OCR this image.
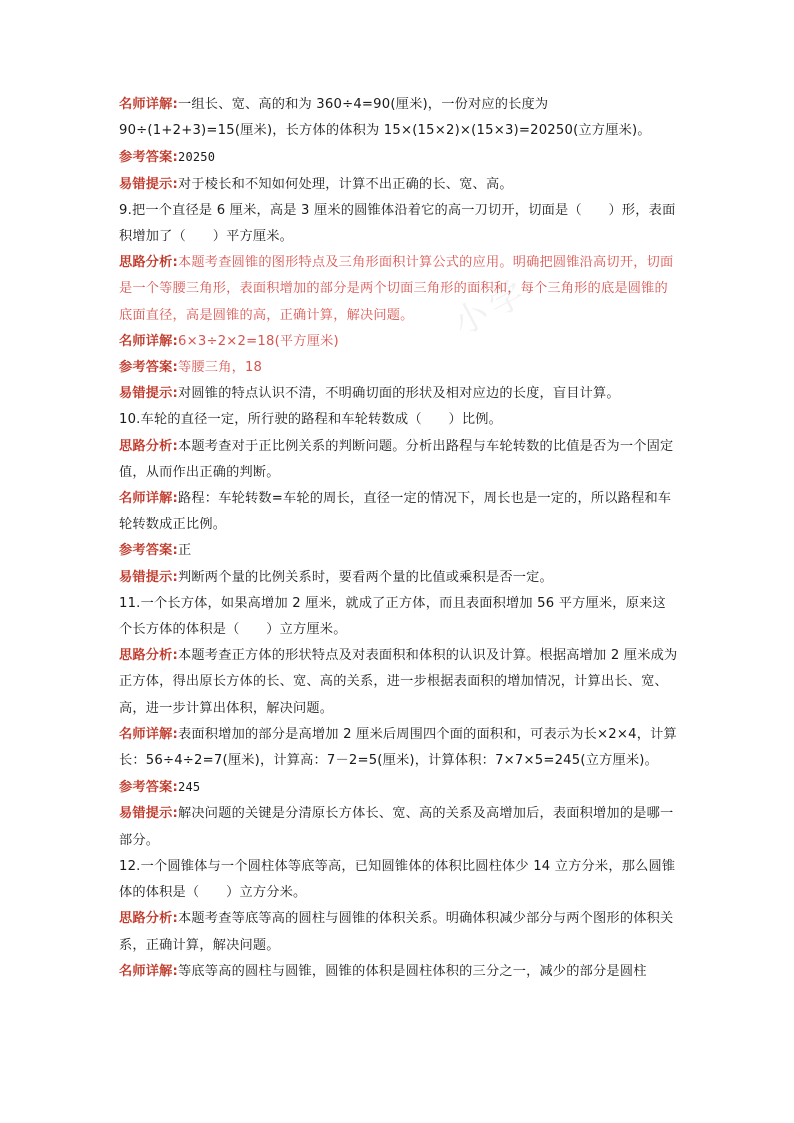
小学

名师详解:一组长、宽、高的和为 360÷4=90(厘米)，一份对应的长度为 90÷(1+2+3)=15(厘米)，长方体的体积为 15×(15×2)×(15×3)=20250(立方厘米)。

参考答案:20250

易错提示:对于棱长和不知如何处理，计算不出正确的长、宽、高。

9.把一个直径是 6 厘米，高是 3 厘米的圆锥体沿着它的高一刀切开，切面是（　　）形，表面积增加了（　　）平方厘米。

思路分析:本题考查圆锥的图形特点及三角形面积计算公式的应用。明确把圆锥沿高切开，切面是一个等腰三角形，表面积增加的部分是两个切面三角形的面积和，每个三角形的底是圆锥的底面直径，高是圆锥的高，正确计算，解决问题。

名师详解:6×3÷2×2=18(平方厘米)

参考答案:等腰三角，18

易错提示:对圆锥的特点认识不清，不明确切面的形状及相对应边的长度，盲目计算。

10.车轮的直径一定，所行驶的路程和车轮转数成（　　）比例。

思路分析:本题考查对于正比例关系的判断问题。分析出路程与车轮转数的比值是否为一个固定值，从而作出正确的判断。

名师详解:路程：车轮转数=车轮的周长，直径一定的情况下，周长也是一定的，所以路程和车轮转数成正比例。

参考答案:正

易错提示:判断两个量的比例关系时，要看两个量的比值或乘积是否一定。

11.一个长方体，如果高增加 2 厘米，就成了正方体，而且表面积增加 56 平方厘米，原来这个长方体的体积是（　　）立方厘米。

思路分析:本题考查正方体的形状特点及对表面积和体积的认识及计算。根据高增加 2 厘米成为正方体，得出原长方体的长、宽、高的关系，进一步根据表面积的增加情况，计算出长、宽、高，进一步计算出体积，解决问题。

名师详解:表面积增加的部分是高增加 2 厘米后周围四个面的面积和，可表示为长×2×4，计算长：56÷4÷2=7(厘米)，计算高：7－2=5(厘米)，计算体积：7×7×5=245(立方厘米)。

参考答案:245

易错提示:解决问题的关键是分清原长方体长、宽、高的关系及高增加后，表面积增加的是哪一部分。

12.一个圆锥体与一个圆柱体等底等高，已知圆锥体的体积比圆柱体少 14 立方分米，那么圆锥体的体积是（　　）立方分米。

思路分析:本题考查等底等高的圆柱与圆锥的体积关系。明确体积减少部分与两个图形的体积关系，正确计算，解决问题。

名师详解:等底等高的圆柱与圆锥，圆锥的体积是圆柱体积的三分之一，减少的部分是圆柱
